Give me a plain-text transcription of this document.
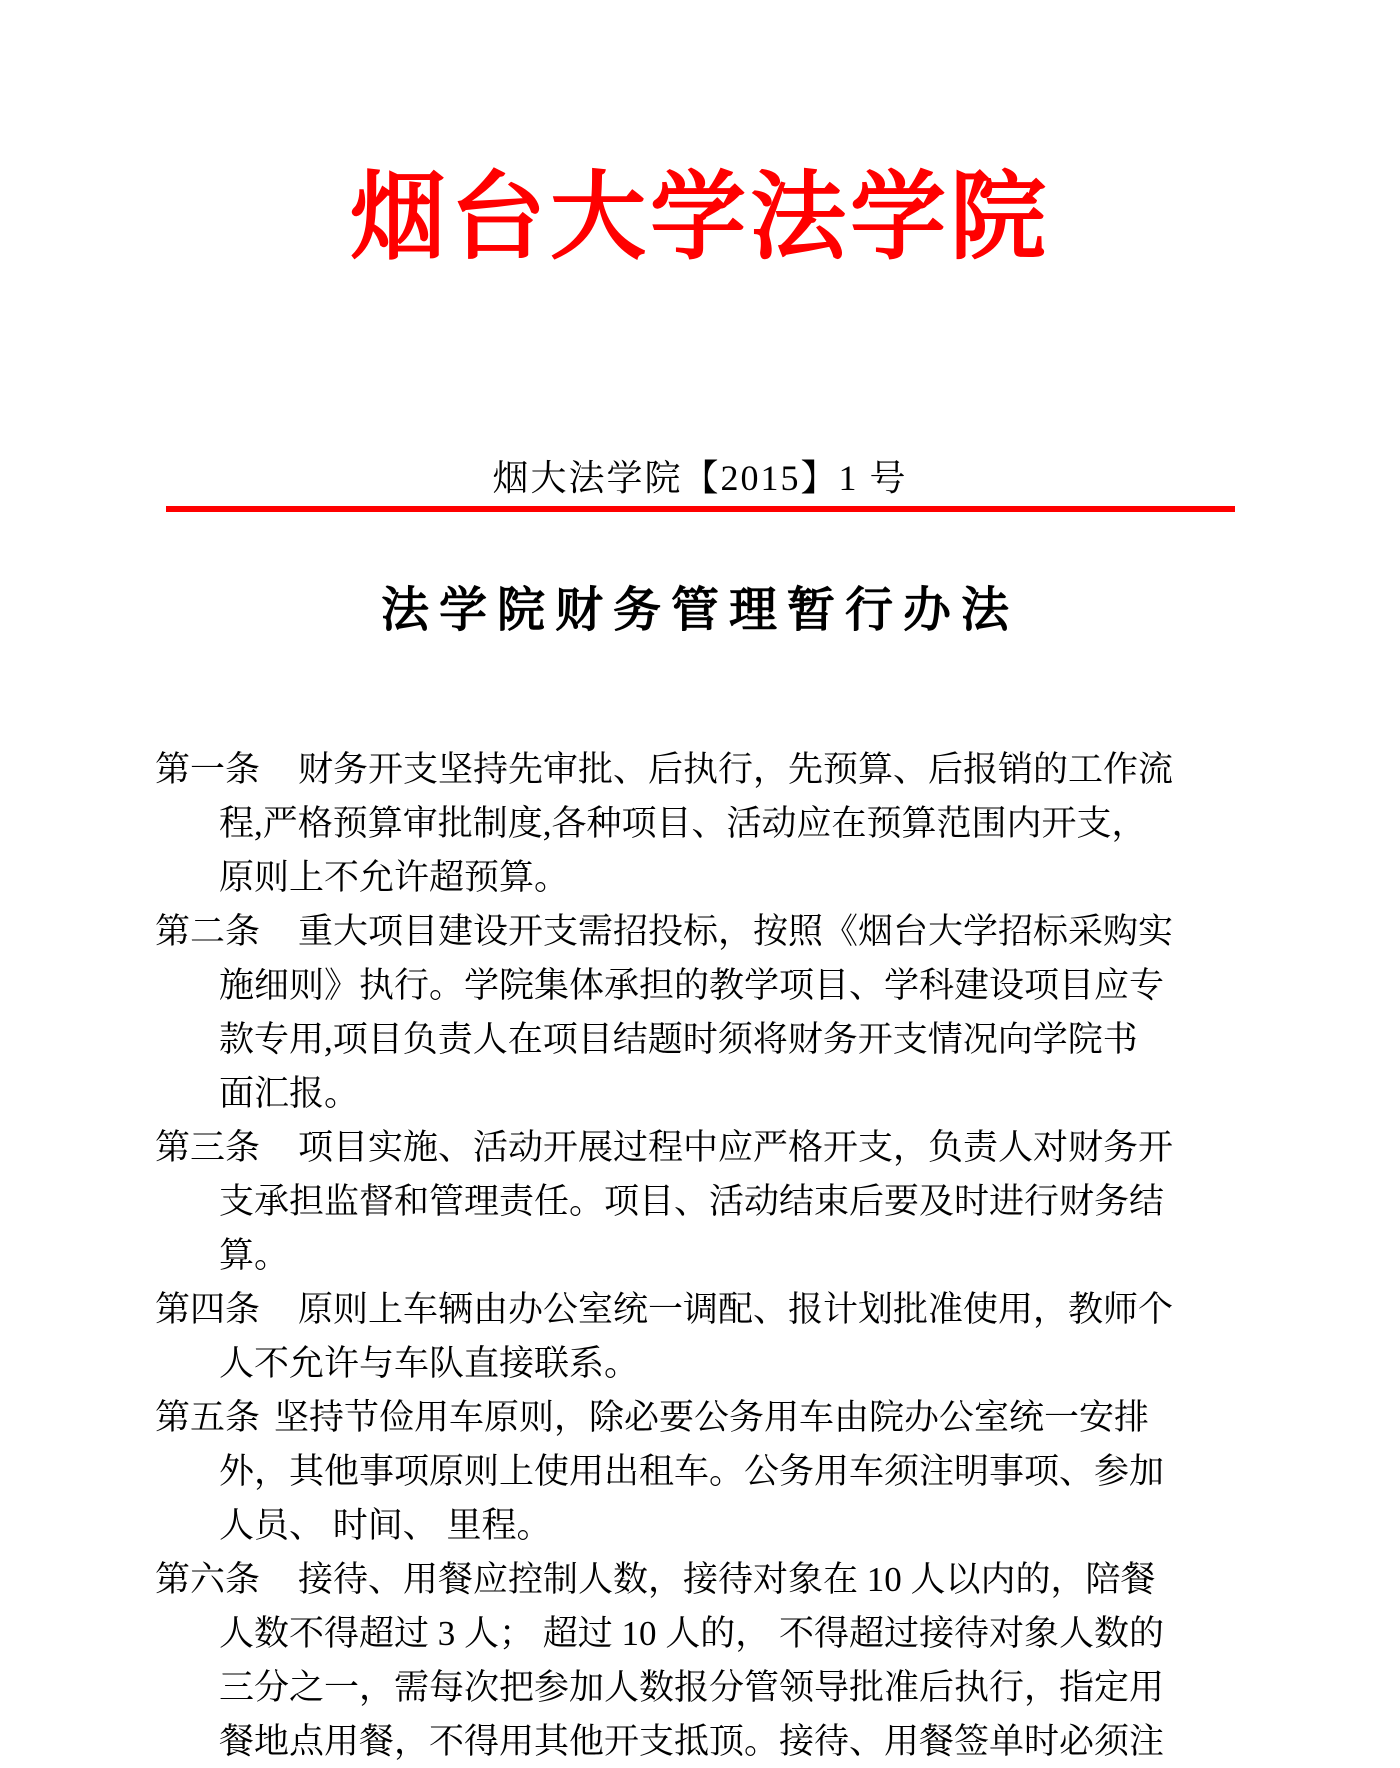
烟台大学法学院
烟大法学院【2015】1 号
法学院财务管理暂行办法

第一条 财务开支坚持先审批、后执行，先预算、后报销的工作流

程,严格预算审批制度,各种项目、活动应在预算范围内开支，

原则上不允许超预算。

第二条 重大项目建设开支需招投标，按照《烟台大学招标采购实

施细则》执行。学院集体承担的教学项目、学科建设项目应专

款专用,项目负责人在项目结题时须将财务开支情况向学院书

面汇报。

第三条 项目实施、活动开展过程中应严格开支，负责人对财务开

支承担监督和管理责任。项目、活动结束后要及时进行财务结

算。

第四条 原则上车辆由办公室统一调配、报计划批准使用，教师个

人不允许与车队直接联系。

第五条 坚持节俭用车原则，除必要公务用车由院办公室统一安排

外，其他事项原则上使用出租车。公务用车须注明事项、参加

人员、 时间、 里程。

第六条 接待、用餐应控制人数，接待对象在 10 人以内的，陪餐

人数不得超过 3 人； 超过 10 人的， 不得超过接待对象人数的

三分之一，需每次把参加人数报分管领导批准后执行，指定用

餐地点用餐，不得用其他开支抵顶。接待、用餐签单时必须注
